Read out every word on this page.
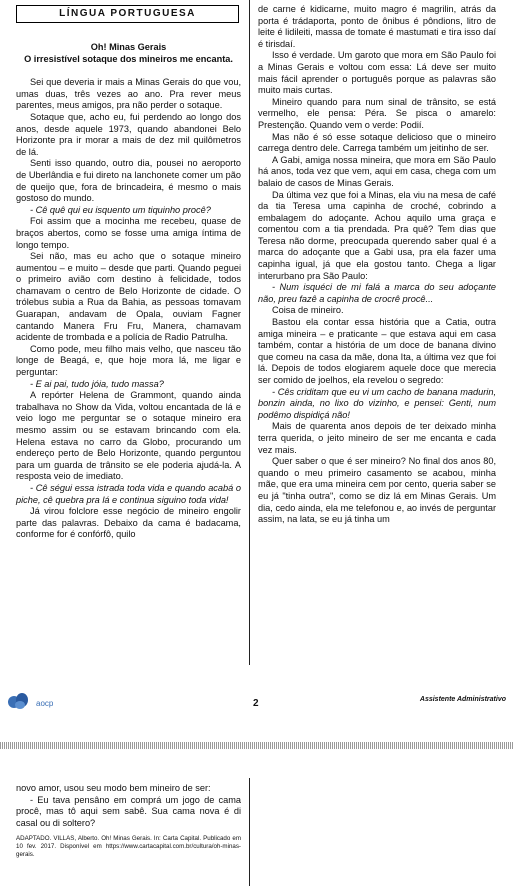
LÍNGUA PORTUGUESA

Oh! Minas Gerais

O irresistível sotaque dos mineiros me encanta.

Sei que deveria ir mais a Minas Gerais do que vou, umas duas, três vezes ao ano. Pra rever meus parentes, meus amigos, pra não perder o sotaque.

Sotaque que, acho eu, fui perdendo ao longo dos anos, desde aquele 1973, quando abandonei Belo Horizonte pra ir morar a mais de dez mil quilômetros de lá.

Senti isso quando, outro dia, pousei no aeroporto de Uberlândia e fui direto na lanchonete comer um pão de queijo que, fora de brincadeira, é mesmo o mais gostoso do mundo.

- Cê quê qui eu isquento um tiquinho procê?

Foi assim que a mocinha me recebeu, quase de braços abertos, como se fosse uma amiga íntima de longo tempo.

Sei não, mas eu acho que o sotaque mineiro aumentou – e muito – desde que parti. Quando peguei o primeiro avião com destino à felicidade, todos chamavam o centro de Belo Horizonte de cidade. O trólebus subia a Rua da Bahia, as pessoas tomavam Guarapan, andavam de Opala, ouviam Fagner cantando Manera Fru Fru, Manera, chamavam acidente de trombada e a polícia de Radio Patrulha.

Como pode, meu filho mais velho, que nasceu tão longe de Beagá, e, que hoje mora lá, me ligar e perguntar:

- E ai pai, tudo jóia, tudo massa?

A repórter Helena de Grammont, quando ainda trabalhava no Show da Vida, voltou encantada de lá e veio logo me perguntar se o sotaque mineiro era mesmo assim ou se estavam brincando com ela. Helena estava no carro da Globo, procurando um endereço perto de Belo Horizonte, quando perguntou para um guarda de trânsito se ele poderia ajudá-la. A resposta veio de imediato.

- Cê ségui essa istrada toda vida e quando acabá o piche, cê quebra pra lá e continua siguino toda vida!

Já virou folclore esse negócio de mineiro engolir parte das palavras. Debaixo da cama é badacama, conforme for é confórfô, quilo

de carne é kidicarne, muito magro é magrilin, atrás da porta é trádaporta, ponto de ônibus é pôndions, litro de leite é lidileiti, massa de tomate é mastumati e tira isso daí é tirisdaí.

Isso é verdade. Um garoto que mora em São Paulo foi a Minas Gerais e voltou com essa: Lá deve ser muito mais fácil aprender o português porque as palavras são muito mais curtas.

Mineiro quando para num sinal de trânsito, se está vermelho, ele pensa: Péra. Se pisca o amarelo: Prestenção. Quando vem o verde: Podií.

Mas não é só esse sotaque delicioso que o mineiro carrega dentro dele. Carrega também um jeitinho de ser.

A Gabi, amiga nossa mineira, que mora em São Paulo há anos, toda vez que vem, aqui em casa, chega com um balaio de casos de Minas Gerais.

Da última vez que foi a Minas, ela viu na mesa de café da tia Teresa uma capinha de croché, cobrindo a embalagem do adoçante. Achou aquilo uma graça e comentou com a tia prendada. Pra quê? Tem dias que Teresa não dorme, preocupada querendo saber qual é a marca do adoçante que a Gabi usa, pra ela fazer uma capinha igual, já que ela gostou tanto. Chega a ligar interurbano pra São Paulo:

- Num isquéci de mi falá a marca do seu adoçante não, preu fazê a capinha de crocrê procê...

Coisa de mineiro.

Bastou ela contar essa história que a Catia, outra amiga mineira – e praticante – que estava aqui em casa também, contar a história de um doce de banana divino que comeu na casa da mãe, dona Ita, a última vez que foi lá. Depois de todos elogiarem aquele doce que merecia ser comido de joelhos, ela revelou o segredo:

- Cês criditam que eu vi um cacho de banana madurin, bonzin ainda, no lixo do vizinho, e pensei: Genti, num podêmo dispidiçá não!

Mais de quarenta anos depois de ter deixado minha terra querida, o jeito mineiro de ser me encanta e cada vez mais.

Quer saber o que é ser mineiro? No final dos anos 80, quando o meu primeiro casamento se acabou, minha mãe, que era uma mineira cem por cento, queria saber se eu já "tinha outra", como se diz lá em Minas Gerais. Um dia, cedo ainda, ela me telefonou e, ao invés de perguntar assim, na lata, se eu já tinha um

aocp	2	Assistente Administrativo

novo amor, usou seu modo bem mineiro de ser:

- Eu tava pensâno em comprá um jogo de cama procê, mas tô aqui sem sabê. Sua cama nova é di casal ou di soltero?

ADAPTADO. VILLAS, Alberto. Oh! Minas Gerais. In: Carta Capital. Publicado em 10 fev. 2017. Disponível em https://www.cartacapital.com.br/cultura/oh-minas-gerais.
